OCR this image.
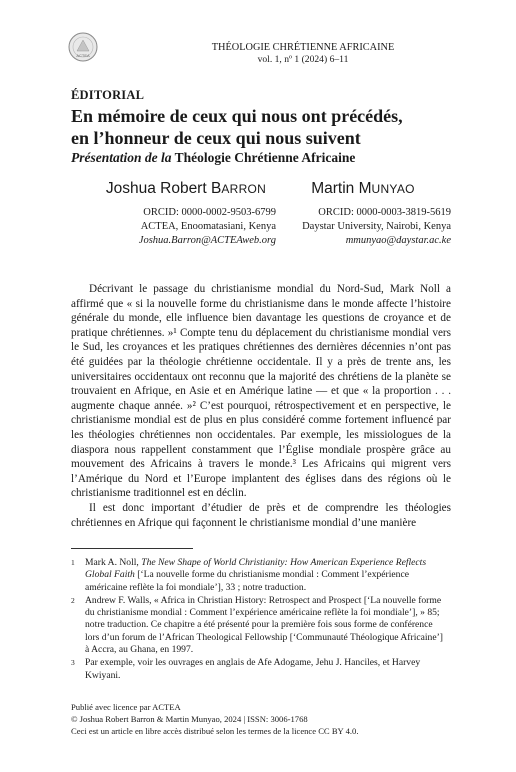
ACTEA
THÉOLOGIE CHRÉTIENNE AFRICAINE
vol. 1, nº 1 (2024) 6–11
ÉDITORIAL
En mémoire de ceux qui nous ont précédés,
en l’honneur de ceux qui nous suivent
Présentation de la Théologie Chrétienne Africaine
Joshua Robert BARRON
ORCID: 0000-0002-9503-6799
ACTEA, Enoomatasiani, Kenya
Joshua.Barron@ACTEAweb.org
Martin MUNYAO
ORCID: 0000-0003-3819-5619
Daystar University, Nairobi, Kenya
mmunyao@daystar.ac.ke

Décrivant le passage du christianisme mondial du Nord-Sud, Mark Noll a affirmé que « si la nouvelle forme du christianisme dans le monde affecte l’histoire générale du monde, elle influence bien davantage les questions de croyance et de pratique chrétiennes. »¹ Compte tenu du déplacement du christianisme mondial vers le Sud, les croyances et les pratiques chrétiennes des dernières décennies n’ont pas été guidées par la théologie chrétienne occidentale. Il y a près de trente ans, les universitaires occidentaux ont reconnu que la majorité des chrétiens de la planète se trouvaient en Afrique, en Asie et en Amérique latine — et que « la proportion . . . augmente chaque année. »² C’est pourquoi, rétrospectivement et en perspective, le christianisme mondial est de plus en plus considéré comme fortement influencé par les théologies chrétiennes non occidentales. Par exemple, les missiologues de la diaspora nous rappellent constamment que l’Église mondiale prospère grâce au mouvement des Africains à travers le monde.³ Les Africains qui migrent vers l’Amérique du Nord et l’Europe implantent des églises dans des régions où le christianisme traditionnel est en déclin.

Il est donc important d’étudier de près et de comprendre les théologies chrétiennes en Afrique qui façonnent le christianisme mondial d’une manière

1	Mark A. Noll, The New Shape of World Christianity: How American Experience Reflects Global Faith [‘La nouvelle forme du christianisme mondial : Comment l’expérience américaine reflète la foi mondiale’], 33 ; notre traduction.
2	Andrew F. Walls, « Africa in Christian History: Retrospect and Prospect [‘La nouvelle forme du christianisme mondial : Comment l’expérience américaine reflète la foi mondiale’], » 85; notre traduction. Ce chapitre a été présenté pour la première fois sous forme de conférence lors d’un forum de l’African Theological Fellowship [‘Communauté Théologique Africaine’] à Accra, au Ghana, en 1997.
3	Par exemple, voir les ouvrages en anglais de Afe Adogame, Jehu J. Hanciles, et Harvey Kwiyani.
Publié avec licence par ACTEA
© Joshua Robert Barron & Martin Munyao, 2024 | ISSN: 3006-1768
Ceci est un article en libre accès distribué selon les termes de la licence CC BY 4.0.
